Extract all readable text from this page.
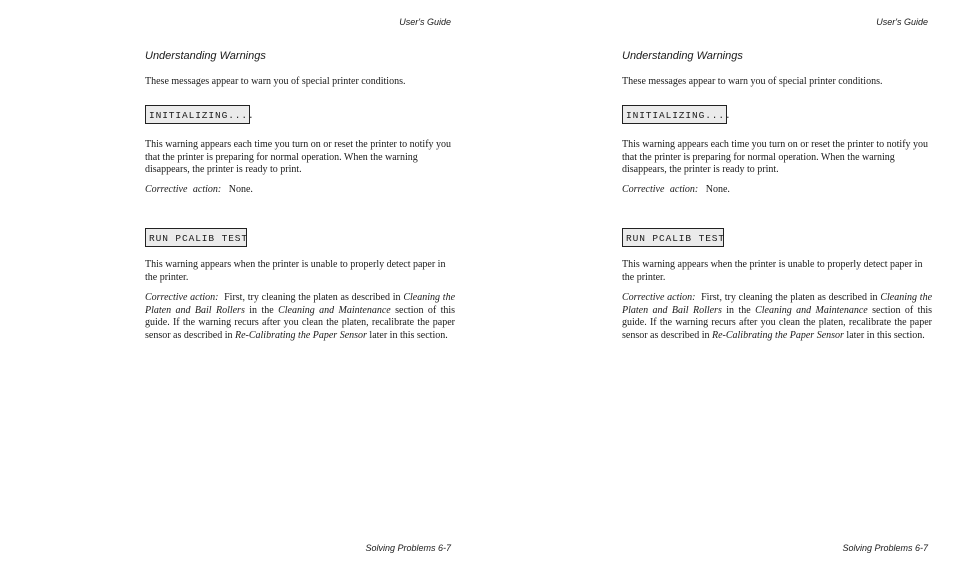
User's Guide
Understanding Warnings
These messages appear to warn you of special printer conditions.
INITIALIZING....

This warning appears each time you turn on or reset the printer to notify you that the printer is preparing for normal operation. When the warning disappears, the printer is ready to print.

Corrective action: None.

RUN PCALIB TEST

This warning appears when the printer is unable to properly detect paper in the printer.

Corrective action: First, try cleaning the platen as described in Cleaning the Platen and Bail Rollers in the Cleaning and Maintenance section of this guide. If the warning recurs after you clean the platen, recalibrate the paper sensor as described in Re-Calibrating the Paper Sensor later in this section.

Solving Problems 6-7
User's Guide
Understanding Warnings
These messages appear to warn you of special printer conditions.
INITIALIZING....

This warning appears each time you turn on or reset the printer to notify you that the printer is preparing for normal operation. When the warning disappears, the printer is ready to print.

Corrective action: None.

RUN PCALIB TEST

This warning appears when the printer is unable to properly detect paper in the printer.

Corrective action: First, try cleaning the platen as described in Cleaning the Platen and Bail Rollers in the Cleaning and Maintenance section of this guide. If the warning recurs after you clean the platen, recalibrate the paper sensor as described in Re-Calibrating the Paper Sensor later in this section.

Solving Problems 6-7
